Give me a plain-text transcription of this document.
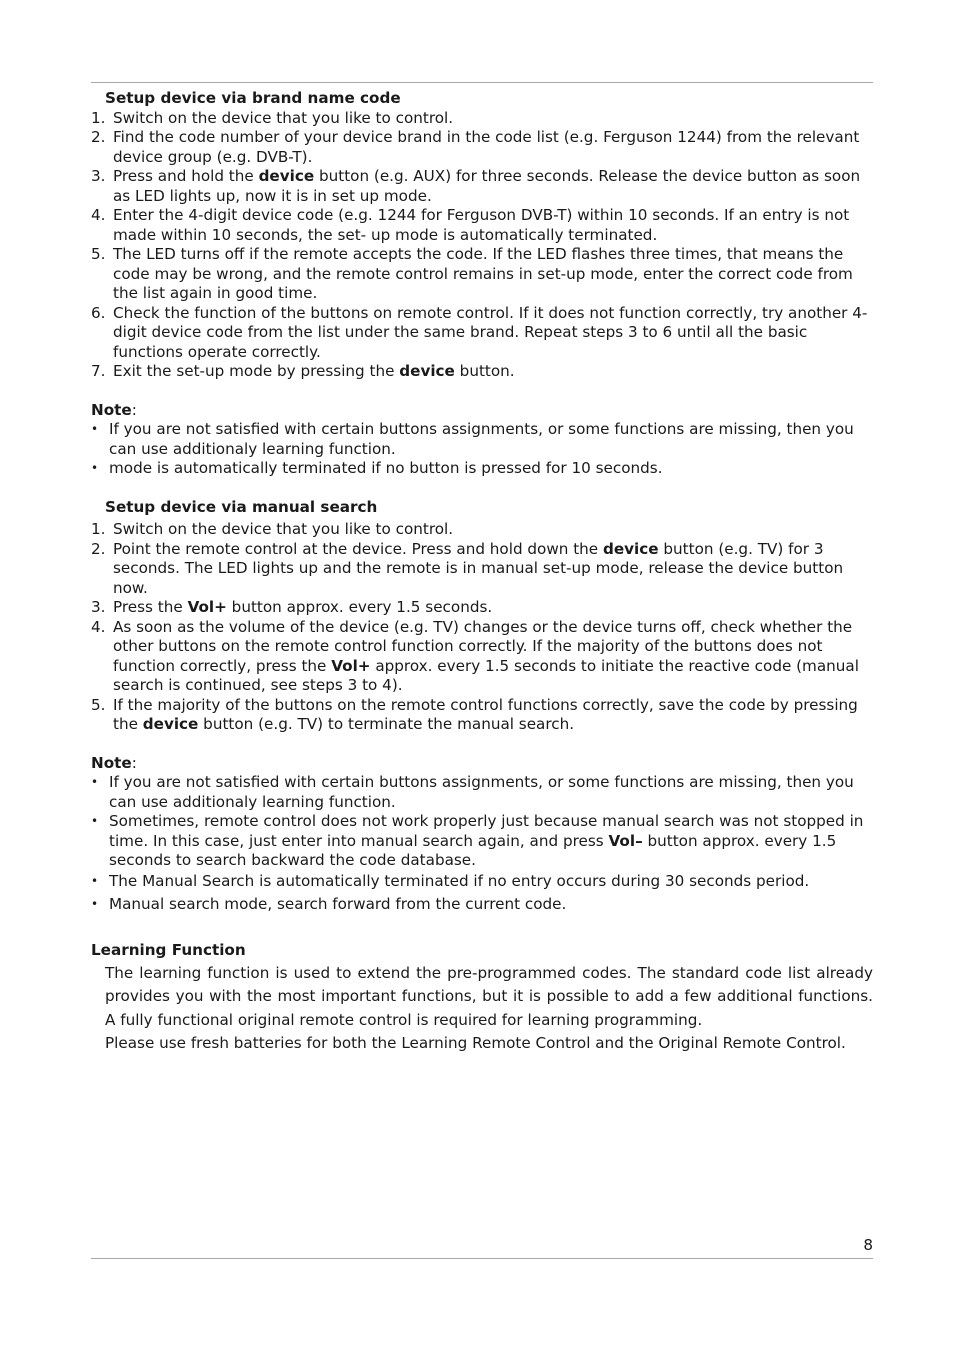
Setup device via brand name code

1. Switch on the device that you like to control.
2. Find the code number of your device brand in the code list (e.g. Ferguson 1244) from the relevant device group (e.g. DVB-T).
3. Press and hold the device button (e.g. AUX) for three seconds. Release the device button as soon as LED lights up, now it is in set up mode.
4. Enter the 4-digit device code (e.g. 1244 for Ferguson DVB-T) within 10 seconds. If an entry is not made within 10 seconds, the set- up mode is automatically terminated.
5. The LED turns off if the remote accepts the code. If the LED flashes three times, that means the code may be wrong, and the remote control remains in set-up mode, enter the correct code from the list again in good time.
6. Check the function of the buttons on remote control. If it does not function correctly, try another 4-digit device code from the list under the same brand. Repeat steps 3 to 6 until all the basic functions operate correctly.
7. Exit the set-up mode by pressing the device button.

Note:

• If you are not satisfied with certain buttons assignments, or some functions are missing, then you can use additionaly learning function.
• mode is automatically terminated if no button is pressed for 10 seconds.

Setup device via manual search

1. Switch on the device that you like to control.
2. Point the remote control at the device. Press and hold down the device button (e.g. TV) for 3 seconds. The LED lights up and the remote is in manual set-up mode, release the device button now.
3. Press the Vol+ button approx. every 1.5 seconds.
4. As soon as the volume of the device (e.g. TV) changes or the device turns off, check whether the other buttons on the remote control function correctly. If the majority of the buttons does not function correctly, press the Vol+ approx. every 1.5 seconds to initiate the reactive code (manual search is continued, see steps 3 to 4).
5. If the majority of the buttons on the remote control functions correctly, save the code by pressing the device button (e.g. TV) to terminate the manual search.

Note:

• If you are not satisfied with certain buttons assignments, or some functions are missing, then you can use additionaly learning function.
• Sometimes, remote control does not work properly just because manual search was not stopped in time. In this case, just enter into manual search again, and press Vol– button approx. every 1.5 seconds to search backward the code database.
• The Manual Search is automatically terminated if no entry occurs during 30 seconds period.
• Manual search mode, search forward from the current code.

Learning Function

The learning function is used to extend the pre-programmed codes. The standard code list already provides you with the most important functions, but it is possible to add a few additional functions. A fully functional original remote control is required for learning programming.

Please use fresh batteries for both the Learning Remote Control and the Original Remote Control.

8
